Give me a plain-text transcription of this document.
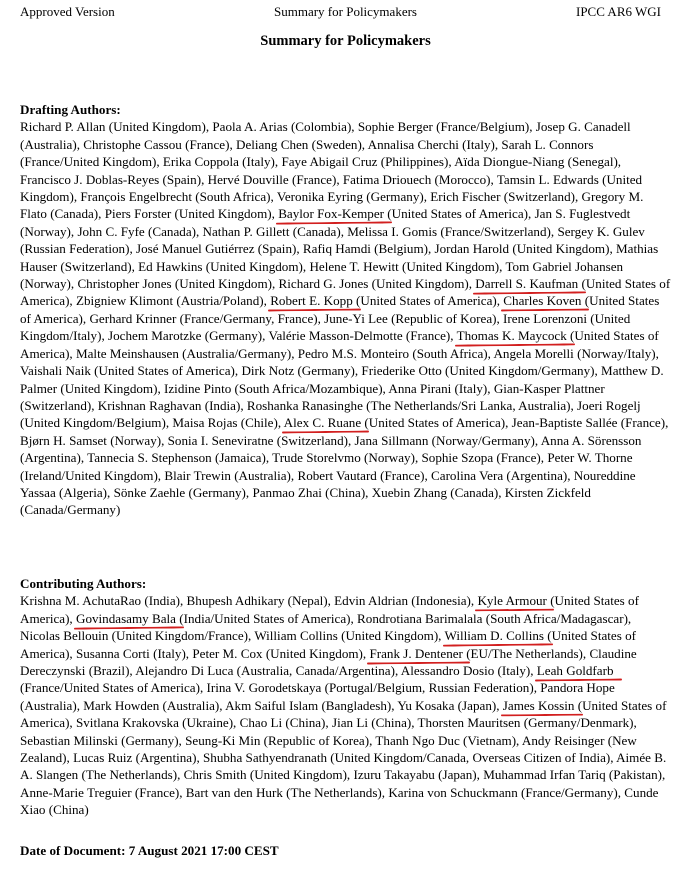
Approved Version	Summary for Policymakers	IPCC AR6 WGI
Summary for Policymakers
Drafting Authors:

Richard P. Allan (United Kingdom), Paola A. Arias (Colombia), Sophie Berger (France/Belgium), Josep G. Canadell (Australia), Christophe Cassou (France), Deliang Chen (Sweden), Annalisa Cherchi (Italy), Sarah L. Connors (France/United Kingdom), Erika Coppola (Italy), Faye Abigail Cruz (Philippines), Aïda Diongue-Niang (Senegal), Francisco J. Doblas-Reyes (Spain), Hervé Douville (France), Fatima Driouech (Morocco), Tamsin L. Edwards (United Kingdom), François Engelbrecht (South Africa), Veronika Eyring (Germany), Erich Fischer (Switzerland), Gregory M. Flato (Canada), Piers Forster (United Kingdom), Baylor Fox-Kemper (United States of America), Jan S. Fuglestvedt (Norway), John C. Fyfe (Canada), Nathan P. Gillett (Canada), Melissa I. Gomis (France/Switzerland), Sergey K. Gulev (Russian Federation), José Manuel Gutiérrez (Spain), Rafiq Hamdi (Belgium), Jordan Harold (United Kingdom), Mathias Hauser (Switzerland), Ed Hawkins (United Kingdom), Helene T. Hewitt (United Kingdom), Tom Gabriel Johansen (Norway), Christopher Jones (United Kingdom), Richard G. Jones (United Kingdom), Darrell S. Kaufman (United States of America), Zbigniew Klimont (Austria/Poland), Robert E. Kopp (United States of America), Charles Koven (United States of America), Gerhard Krinner (France/Germany, France), June-Yi Lee (Republic of Korea), Irene Lorenzoni (United Kingdom/Italy), Jochem Marotzke (Germany), Valérie Masson-Delmotte (France), Thomas K. Maycock (United States of America), Malte Meinshausen (Australia/Germany), Pedro M.S. Monteiro (South Africa), Angela Morelli (Norway/Italy), Vaishali Naik (United States of America), Dirk Notz (Germany), Friederike Otto (United Kingdom/Germany), Matthew D. Palmer (United Kingdom), Izidine Pinto (South Africa/Mozambique), Anna Pirani (Italy), Gian-Kasper Plattner (Switzerland), Krishnan Raghavan (India), Roshanka Ranasinghe (The Netherlands/Sri Lanka, Australia), Joeri Rogelj (United Kingdom/Belgium), Maisa Rojas (Chile), Alex C. Ruane (United States of America), Jean-Baptiste Sallée (France), Bjørn H. Samset (Norway), Sonia I. Seneviratne (Switzerland), Jana Sillmann (Norway/Germany), Anna A. Sörensson (Argentina), Tannecia S. Stephenson (Jamaica), Trude Storelvmo (Norway), Sophie Szopa (France), Peter W. Thorne (Ireland/United Kingdom), Blair Trewin (Australia), Robert Vautard (France), Carolina Vera (Argentina), Noureddine Yassaa (Algeria), Sönke Zaehle (Germany), Panmao Zhai (China), Xuebin Zhang (Canada), Kirsten Zickfeld (Canada/Germany)

Contributing Authors:

Krishna M. AchutaRao (India), Bhupesh Adhikary (Nepal), Edvin Aldrian (Indonesia), Kyle Armour (United States of America), Govindasamy Bala (India/United States of America), Rondrotiana Barimalala (South Africa/Madagascar), Nicolas Bellouin (United Kingdom/France), William Collins (United Kingdom), William D. Collins (United States of America), Susanna Corti (Italy), Peter M. Cox (United Kingdom), Frank J. Dentener (EU/The Netherlands), Claudine Dereczynski (Brazil), Alejandro Di Luca (Australia, Canada/Argentina), Alessandro Dosio (Italy), Leah Goldfarb (France/United States of America), Irina V. Gorodetskaya (Portugal/Belgium, Russian Federation), Pandora Hope (Australia), Mark Howden (Australia), Akm Saiful Islam (Bangladesh), Yu Kosaka (Japan), James Kossin (United States of America), Svitlana Krakovska (Ukraine), Chao Li (China), Jian Li (China), Thorsten Mauritsen (Germany/Denmark), Sebastian Milinski (Germany), Seung-Ki Min (Republic of Korea), Thanh Ngo Duc (Vietnam), Andy Reisinger (New Zealand), Lucas Ruiz (Argentina), Shubha Sathyendranath (United Kingdom/Canada, Overseas Citizen of India), Aimée B. A. Slangen (The Netherlands), Chris Smith (United Kingdom), Izuru Takayabu (Japan), Muhammad Irfan Tariq (Pakistan), Anne-Marie Treguier (France), Bart van den Hurk (The Netherlands), Karina von Schuckmann (France/Germany), Cunde Xiao (China)

Date of Document: 7 August 2021 17:00 CEST
